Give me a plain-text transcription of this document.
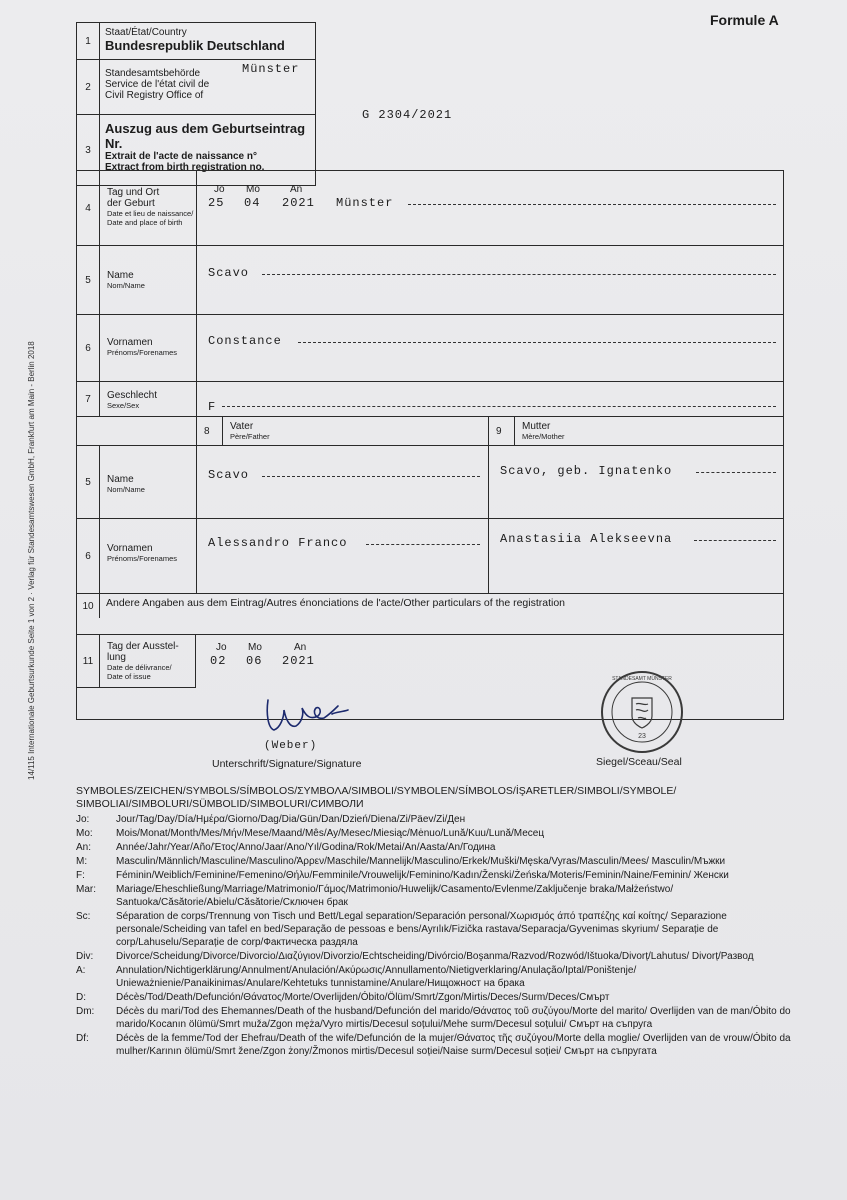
Formule A
14/115 Internationale Geburtsurkunde Seite 1 von 2 · Verlag für Standesamtswesen GmbH, Frankfurt am Main - Berlin 2018
1
Staat/État/Country
Bundesrepublik Deutschland
2
Standesamtsbehörde
Service de l'état civil de
Civil Registry Office of
Münster
3
Auszug aus dem Geburtseintrag Nr.
Extrait de l'acte de naissance n°
Extract from birth registration no.
G 2304/2021
4
Tag und Ort
der Geburt
Date et lieu de naissance/
Date and place of birth
Jo Mo	An
25 04 2021 Münster
5	Name
Nom/Name
Scavo
6	Vornamen
Prénoms/Forenames
Constance
7	Geschlecht
Sexe/Sex	F
8 Vater
Père/Father	9 Mutter
Mère/Mother
5	Name
Nom/Name
Scavo	Scavo, geb. Ignatenko
6
Vornamen
Prénoms/Forenames
Alessandro Franco	Anastasiia Alekseevna
10	Andere Angaben aus dem Eintrag/Autres énonciations de l'acte/Other particulars of the registration
11
Tag der Ausstel-
lung
Date de délivrance/
Date of issue
Jo Mo	An
02 06 2021
(Weber)
Unterschrift/Signature/Signature	Siegel/Sceau/Seal
23
STANDESAMT MÜNSTER
SYMBOLES/ZEICHEN/SYMBOLS/SÍMBOLOS/ΣΥΜΒΟΛΑ/SIMBOLI/SYMBOLEN/SÍMBOLOS/İŞARETLER/SIMBOLI/SYMBOLE/ SIMBOLIAI/SIMBOLURI/SÜMBOLID/SIMBOLURI/СИМВОЛИ
Jo:	Jour/Tag/Day/Día/Ημέρα/Giorno/Dag/Dia/Gün/Dan/Dzień/Diena/Zi/Päev/Zi/Ден
Mo:	Mois/Monat/Month/Mes/Μήν/Mese/Maand/Mês/Ay/Mesec/Miesiąc/Mėnuo/Lună/Kuu/Lună/Месец
An:	Année/Jahr/Year/Año/Έτος/Anno/Jaar/Ano/Yıl/Godina/Rok/Metai/An/Aasta/An/Година
M:	Masculin/Männlich/Masculine/Masculino/Άρρεν/Maschile/Mannelijk/Masculino/Erkek/Muški/Męska/Vyras/Masculin/Mees/ Masculin/Мъжки
F:	Féminin/Weiblich/Feminine/Femenino/Θήλυ/Femminile/Vrouwelijk/Feminino/Kadın/Ženski/Żeńska/Moteris/Feminin/Naine/Feminin/ Женски
Mar:	Mariage/Eheschließung/Marriage/Matrimonio/Γάμος/Matrimonio/Huwelijk/Casamento/Evlenme/Zaključenje braka/Małżeństwo/ Santuoka/Căsătorie/Abielu/Căsătorie/Сключен брак
Sc:	Séparation de corps/Trennung von Tisch und Bett/Legal separation/Separación personal/Χωρισμός άπό τραπέζης καί κοίτης/ Separazione personale/Scheiding van tafel en bed/Separação de pessoas e bens/Ayrılık/Fizička rastava/Separacja/Gyvenimas skyrium/ Separație de corp/Lahuselu/Separație de corp/Фактическа раздяла
Div:	Divorce/Scheidung/Divorce/Divorcio/Διαζύγιον/Divorzio/Echtscheiding/Divórcio/Boşanma/Razvod/Rozwód/Ištuoka/Divorț/Lahutus/ Divorț/Развод
A:	Annulation/Nichtigerklärung/Annulment/Anulación/Ακύρωσις/Annullamento/Nietigverklaring/Anulação/Iptal/Poništenje/ Unieważnienie/Panaikinimas/Anulare/Kehtetuks tunnistamine/Anulare/Нищожност на брака
D:	Décès/Tod/Death/Defunción/Θάνατος/Morte/Overlijden/Óbito/Ölüm/Smrt/Zgon/Mirtis/Deces/Surm/Deces/Смърт
Dm:	Décès du mari/Tod des Ehemannes/Death of the husband/Defunción del marido/Θάνατος τοῦ συζύγου/Morte del marito/ Overlijden van de man/Óbito do marido/Kocanın ölümü/Smrt muža/Zgon męża/Vyro mirtis/Decesul soțului/Mehe surm/Decesul soțului/ Смърт на съпруга
Df:	Décès de la femme/Tod der Ehefrau/Death of the wife/Defunción de la mujer/Θάνατος τῆς συζύγου/Morte della moglie/ Overlijden van de vrouw/Óbito da mulher/Karının ölümü/Smrt žene/Zgon żony/Žmonos mirtis/Decesul soției/Naise surm/Decesul soției/ Смърт на съпругата
